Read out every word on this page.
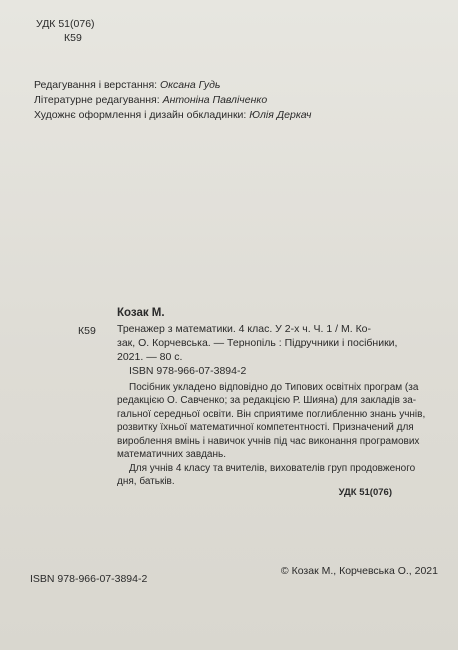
УДК 51(076)
К59
Редагування і верстання: Оксана Гудь
Літературне редагування: Антоніна Павліченко
Художнє оформлення і дизайн обкладинки: Юлія Деркач
Козак М.
К59 Тренажер з математики. 4 клас. У 2-х ч. Ч. 1 / М. Ко-
зак, О. Корчевська. — Тернопіль : Підручники і посібники,
2021. — 80 с.
ISBN 978-966-07-3894-2
Посібник укладено відповідно до Типових освітніх програм (за
редакцією О. Савченко; за редакцією Р. Шияна) для закладів за-
гальної середньої освіти. Він сприятиме поглибленню знань учнів,
розвитку їхньої математичної компетентності. Призначений для
вироблення вмінь і навичок учнів під час виконання програмових
математичних завдань.
Для учнів 4 класу та вчителів, вихователів груп продовженого
дня, батьків.
УДК 51(076)
ISBN 978-966-07-3894-2
© Козак М., Корчевська О., 2021
